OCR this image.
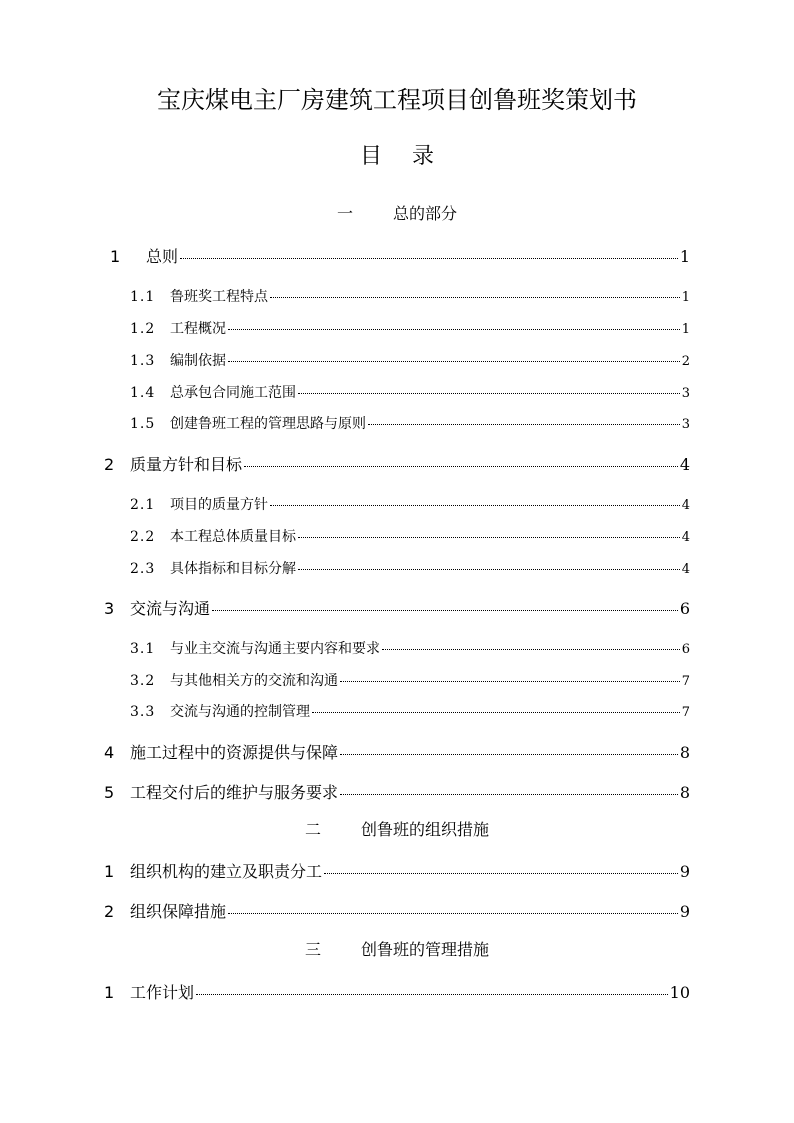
宝庆煤电主厂房建筑工程项目创鲁班奖策划书
目录
一 总的部分
1	总则	1
1.1	鲁班奖工程特点	1
1.2	工程概况	1
1.3	编制依据	2
1.4	总承包合同施工范围	3
1.5	创建鲁班工程的管理思路与原则	3
2 质量方针和目标	4
2.1	项目的质量方针	4
2.2	本工程总体质量目标	4
2.3	具体指标和目标分解	4
3 交流与沟通	6
3.1	与业主交流与沟通主要内容和要求	6
3.2	与其他相关方的交流和沟通	7
3.3	交流与沟通的控制管理	7
4 施工过程中的资源提供与保障	8
5 工程交付后的维护与服务要求	8
二 创鲁班的组织措施
1 组织机构的建立及职责分工	9
2 组织保障措施	9
三 创鲁班的管理措施
1 工作计划	10
